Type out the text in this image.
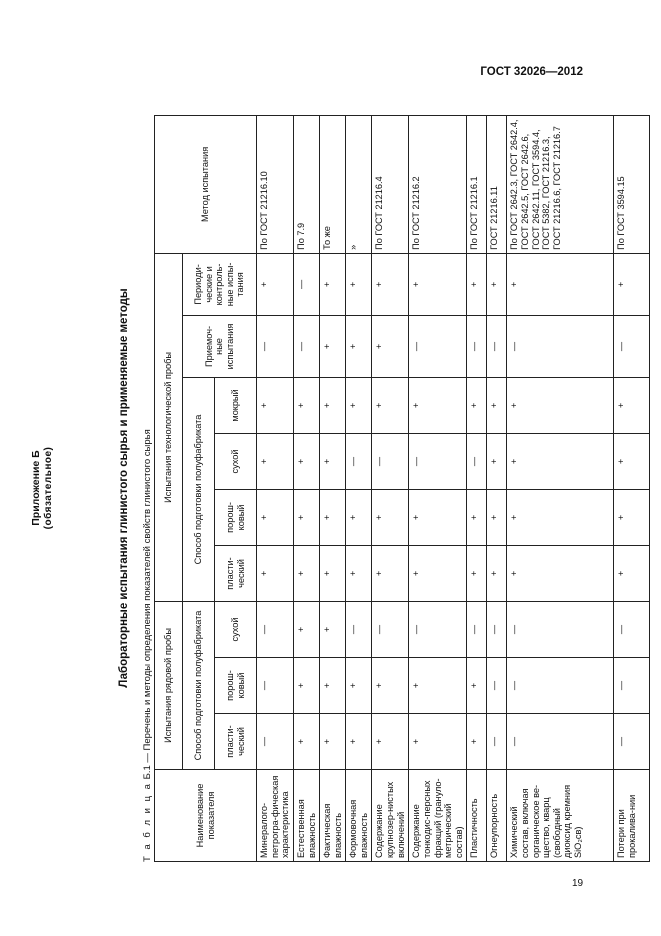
ГОСТ 32026—2012
19
Приложение Б (обязательное)	Лабораторные испытания глинистого сырья и применяемые методы
Т а б л и ц а Б.1 — Перечень и методы определения показателей свойств глинистого сырья
Наименование показателя	Испытания рядовой пробы			Испытания технологической пробы						Метод испытания
	Способ подготовки полуфабриката			Способ подготовки полуфабриката				Приемоч-ные испытания	Периоди-ческие и контроль-ные испы-тания	
	пласти-ческий	порош-ковый	сухой	пласти-ческий	порош-ковый	сухой	мокрый			
Минералого-петрогра-фическая характеристика	—	—	—	+	+	+	+	—	+	По ГОСТ 21216.10
Естественная влажность	+	+	+	+	+	+	+	—	—	По 7.9
Фактическая влажность	+	+	+	+	+	+	+	+	+	То же
Формовочная влажность	+	+	—	+	+	—	+	+	+	»
Содержание крупнозер-нистых включений	+	+	—	+	+	—	+	+	+	По ГОСТ 21216.4
Содержание тонкодис-персных фракций (грануло-метрический состав)	+	+	—	+	+	—	+	—	+	По ГОСТ 21216.2
Пластичность	+	+	—	+	+	—	+	—	+	По ГОСТ 21216.1
Огнеупорность	—	—	—	+	+	+	+	—	+	ГОСТ 21216.11
Химический состав, включая органическое ве-щество, кварц (свободный диоксид кремния SiO₂св)	—	—	—	+	+	+	+	—	+	По ГОСТ 2642.3, ГОСТ 2642.4, ГОСТ 2642.5, ГОСТ 2642.6, ГОСТ 2642.11, ГОСТ 3594.4, ГОСТ 5382, ГОСТ 21216.3, ГОСТ 21216.6, ГОСТ 21216.7
Потери при прокалива-нии	—	—	—	+	+	+	+	—	+	По ГОСТ 3594.15
